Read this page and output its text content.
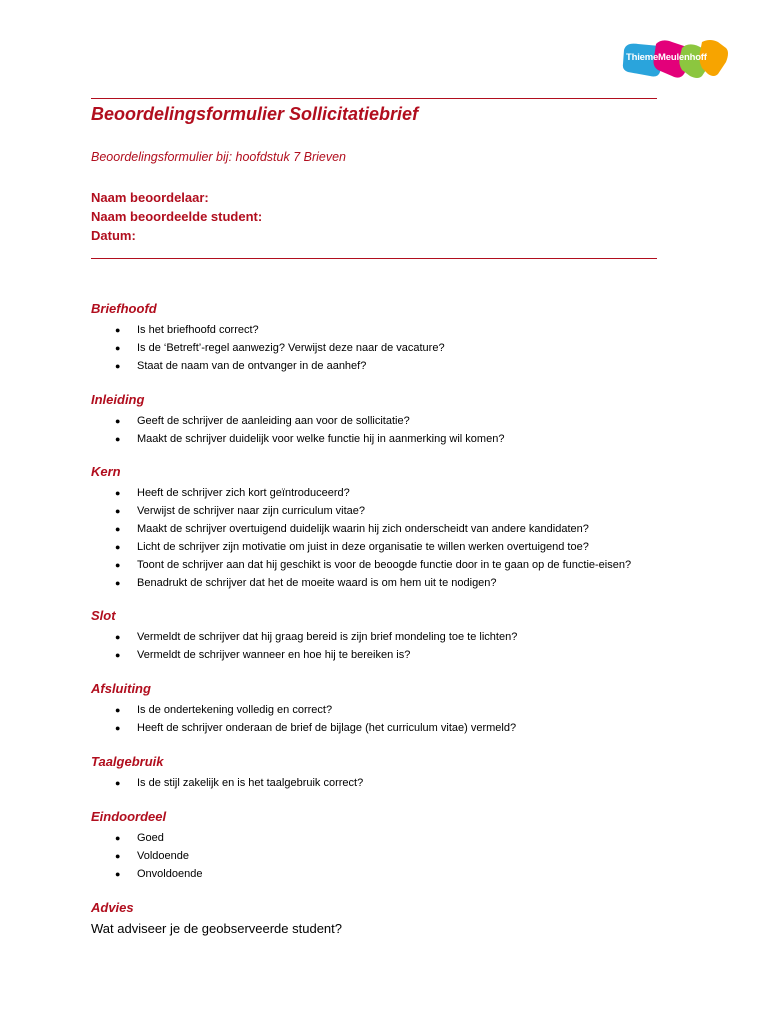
ThiemeMeulenhoff
Beoordelingsformulier Sollicitatiebrief
Beoordelingsformulier bij: hoofdstuk 7 Brieven
Naam beoordelaar:
Naam beoordeelde student:
Datum:
Briefhoofd
● Is het briefhoofd correct?
● Is de ‘Betreft’-regel aanwezig? Verwijst deze naar de vacature?
● Staat de naam van de ontvanger in de aanhef?
Inleiding
● Geeft de schrijver de aanleiding aan voor de sollicitatie?
● Maakt de schrijver duidelijk voor welke functie hij in aanmerking wil komen?
Kern
● Heeft de schrijver zich kort geïntroduceerd?
● Verwijst de schrijver naar zijn curriculum vitae?
● Maakt de schrijver overtuigend duidelijk waarin hij zich onderscheidt van andere kandidaten?
● Licht de schrijver zijn motivatie om juist in deze organisatie te willen werken overtuigend toe?
● Toont de schrijver aan dat hij geschikt is voor de beoogde functie door in te gaan op de functie-eisen?
● Benadrukt de schrijver dat het de moeite waard is om hem uit te nodigen?
Slot
● Vermeldt de schrijver dat hij graag bereid is zijn brief mondeling toe te lichten?
● Vermeldt de schrijver wanneer en hoe hij te bereiken is?
Afsluiting
● Is de ondertekening volledig en correct?
● Heeft de schrijver onderaan de brief de bijlage (het curriculum vitae) vermeld?
Taalgebruik
● Is de stijl zakelijk en is het taalgebruik correct?
Eindoordeel
● Goed
● Voldoende
● Onvoldoende
Advies
Wat adviseer je de geobserveerde student?
